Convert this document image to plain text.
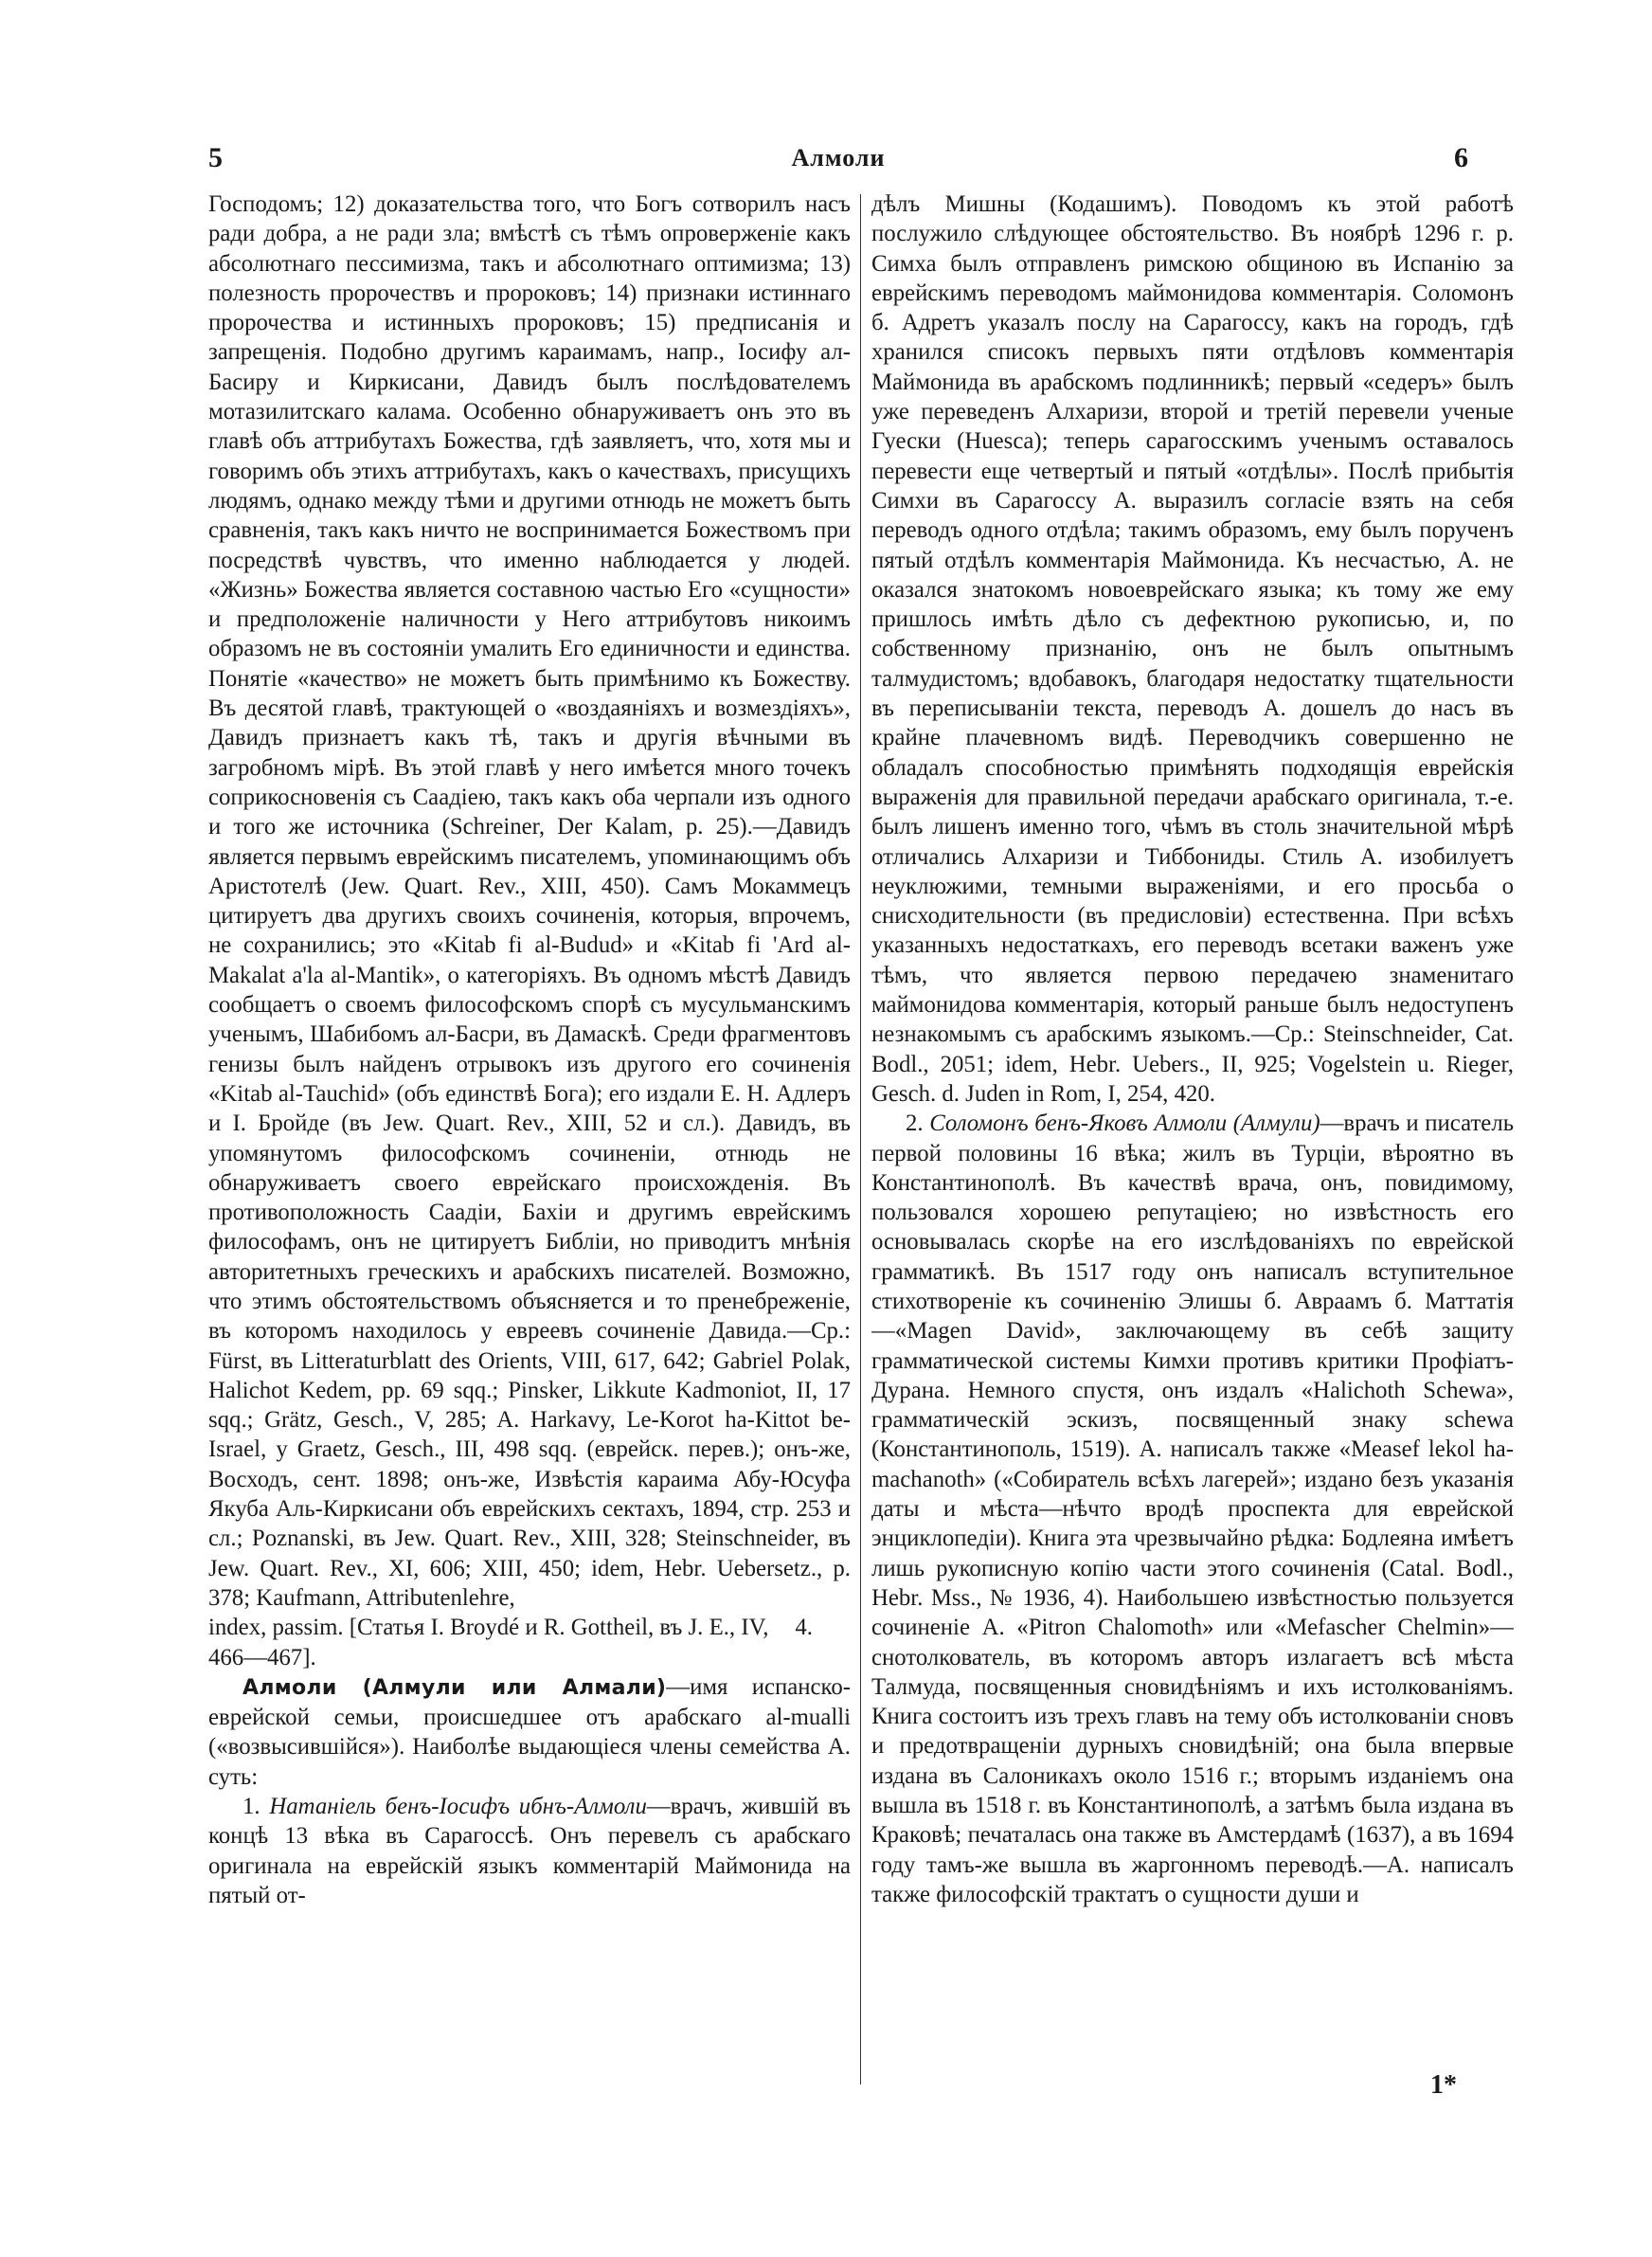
5	Алмоли	6

Господомъ; 12) доказательства того, что Богъ сотворилъ насъ ради добра, а не ради зла; вмѣстѣ съ тѣмъ опроверженіе какъ абсолютнаго пессимизма, такъ и абсолютнаго оптимизма; 13) полезность пророчествъ и пророковъ; 14) признаки истиннаго пророчества и истинныхъ пророковъ; 15) предписанія и запрещенія. Подобно другимъ караимамъ, напр., Іосифу ал-Басиру и Киркисани, Давидъ былъ послѣдователемъ мотазилитскаго калама. Особенно обнаруживаетъ онъ это въ главѣ объ аттрибутахъ Божества, гдѣ заявляетъ, что, хотя мы и говоримъ объ этихъ аттрибутахъ, какъ о качествахъ, присущихъ людямъ, однако между тѣми и другими отнюдь не можетъ быть сравненія, такъ какъ ничто не воспринимается Божествомъ при посредствѣ чувствъ, что именно наблюдается у людей. «Жизнь» Божества является составною частью Его «сущности» и предположеніе наличности у Него аттрибутовъ никоимъ образомъ не въ состояніи умалить Его единичности и единства. Понятіе «качество» не можетъ быть примѣнимо къ Божеству. Въ десятой главѣ, трактующей о «воздаяніяхъ и возмездіяхъ», Давидъ признаетъ какъ тѣ, такъ и другія вѣчными въ загробномъ мірѣ. Въ этой главѣ у него имѣется много точекъ соприкосновенія съ Саадіею, такъ какъ оба черпали изъ одного и того же источника (Schreiner, Der Kalam, p. 25).—Давидъ является первымъ еврейскимъ писателемъ, упоминающимъ объ Аристотелѣ (Jew. Quart. Rev., XIII, 450). Самъ Мокаммецъ цитируетъ два другихъ своихъ сочиненія, которыя, впрочемъ, не сохранились; это «Kitab fi al-Budud» и «Kitab fi 'Ard al-Makalat a'la al-Mantik», о категоріяхъ. Въ одномъ мѣстѣ Давидъ сообщаетъ о своемъ философскомъ спорѣ съ мусульманскимъ ученымъ, Шабибомъ ал-Басри, въ Дамаскѣ. Среди фрагментовъ генизы былъ найденъ отрывокъ изъ другого его сочиненія «Kitab al-Tauchid» (объ единствѣ Бога); его издали Е. Н. Адлеръ и I. Бройде (въ Jew. Quart. Rev., XIII, 52 и сл.). Давидъ, въ упомянутомъ философскомъ сочиненіи, отнюдь не обнаруживаетъ своего еврейскаго происхожденія. Въ противоположность Саадіи, Бахіи и другимъ еврейскимъ философамъ, онъ не цитируетъ Библіи, но приводитъ мнѣнія авторитетныхъ греческихъ и арабскихъ писателей. Возможно, что этимъ обстоятельствомъ объясняется и то пренебреженіе, въ которомъ находилось у евреевъ сочиненіе Давида.—Ср.: Fürst, въ Litteraturblatt des Orients, VIII, 617, 642; Gabriel Polak, Halichot Kedem, pp. 69 sqq.; Pinsker, Likkute Kadmoniot, II, 17 sqq.; Grätz, Gesch., V, 285; A. Harkavy, Le-Korot ha-Kittot be-Israel, у Graetz, Gesch., III, 498 sqq. (еврейск. перев.); онъ-же, Восходъ, сент. 1898; онъ-же, Извѣстія караима Абу-Юсуфа Якуба Аль-Киркисани объ еврейскихъ сектахъ, 1894, стр. 253 и сл.; Poznanski, въ Jew. Quart. Rev., XIII, 328; Steinschneider, въ Jew. Quart. Rev., XI, 606; XIII, 450; idem, Hebr. Uebersetz., p. 378; Kaufmann, Attributenlehre,

index, passim. [Статья I. Broydé и R. Gottheil, въ J. E., IV, 466—467].
4.

Алмоли (Алмули или Алмали)—имя испанско-еврейской семьи, происшедшее отъ арабскаго al-mualli («возвысившійся»). Наиболѣе выдающіеся члены семейства А. суть:

1. Натаніель бенъ-Іосифъ ибнъ-Алмоли—врачъ, жившій въ концѣ 13 вѣка въ Сарагоссѣ. Онъ перевелъ съ арабскаго оригинала на еврейскій языкъ комментарій Маймонида на пятый от-

дѣлъ Мишны (Кодашимъ). Поводомъ къ этой работѣ послужило слѣдующее обстоятельство. Въ ноябрѣ 1296 г. р. Симха былъ отправленъ римскою общиною въ Испанію за еврейскимъ переводомъ маймонидова комментарія. Соломонъ б. Адретъ указалъ послу на Сарагоссу, какъ на городъ, гдѣ хранился списокъ первыхъ пяти отдѣловъ комментарія Маймонида въ арабскомъ подлинникѣ; первый «седеръ» былъ уже переведенъ Алхаризи, второй и третій перевели ученые Гуески (Huesca); теперь сарагосскимъ ученымъ оставалось перевести еще четвертый и пятый «отдѣлы». Послѣ прибытія Симхи въ Сарагоссу А. выразилъ согласіе взять на себя переводъ одного отдѣла; такимъ образомъ, ему былъ порученъ пятый отдѣлъ комментарія Маймонида. Къ несчастью, А. не оказался знатокомъ новоеврейскаго языка; къ тому же ему пришлось имѣть дѣло съ дефектною рукописью, и, по собственному признанію, онъ не былъ опытнымъ талмудистомъ; вдобавокъ, благодаря недостатку тщательности въ переписываніи текста, переводъ А. дошелъ до насъ въ крайне плачевномъ видѣ. Переводчикъ совершенно не обладалъ способностью примѣнять подходящія еврейскія выраженія для правильной передачи арабскаго оригинала, т.-е. былъ лишенъ именно того, чѣмъ въ столь значительной мѣрѣ отличались Алхаризи и Тиббониды. Стиль А. изобилуетъ неуклюжими, темными выраженіями, и его просьба о снисходительности (въ предисловіи) естественна. При всѣхъ указанныхъ недостаткахъ, его переводъ всетаки важенъ уже тѣмъ, что является первою передачею знаменитаго маймонидова комментарія, который раньше былъ недоступенъ незнакомымъ съ арабскимъ языкомъ.—Ср.: Steinschneider, Cat. Bodl., 2051; idem, Hebr. Uebers., II, 925; Vogelstein u. Rieger, Gesch. d. Juden in Rom, I, 254, 420.

2. Соломонъ бенъ-Яковъ Алмоли (Алмули)—врачъ и писатель первой половины 16 вѣка; жилъ въ Турціи, вѣроятно въ Константинополѣ. Въ качествѣ врача, онъ, повидимому, пользовался хорошею репутаціею; но извѣстность его основывалась скорѣе на его изслѣдованіяхъ по еврейской грамматикѣ. Въ 1517 году онъ написалъ вступительное стихотвореніе къ сочиненію Элишы б. Авраамъ б. Маттатія—«Magen David», заключающему въ себѣ защиту грамматической системы Кимхи противъ критики Профіатъ-Дурана. Немного спустя, онъ издалъ «Halichoth Schewa», грамматическій эскизъ, посвященный знаку schewa (Константинополь, 1519). А. написалъ также «Measef lekol ha-machanoth» («Собиратель всѣхъ лагерей»; издано безъ указанія даты и мѣста—нѣчто вродѣ проспекта для еврейской энциклопедіи). Книга эта чрезвычайно рѣдка: Бодлеяна имѣетъ лишь рукописную копію части этого сочиненія (Catal. Bodl., Hebr. Mss., № 1936, 4). Наибольшею извѣстностью пользуется сочиненіе А. «Pitron Chalomoth» или «Mefascher Chelmin»—снотолкователь, въ которомъ авторъ излагаетъ всѣ мѣста Талмуда, посвященныя сновидѣніямъ и ихъ истолкованіямъ. Книга состоитъ изъ трехъ главъ на тему объ истолкованіи сновъ и предотвращеніи дурныхъ сновидѣній; она была впервые издана въ Салоникахъ около 1516 г.; вторымъ изданіемъ она вышла въ 1518 г. въ Константинополѣ, а затѣмъ была издана въ Краковѣ; печаталась она также въ Амстердамѣ (1637), а въ 1694 году тамъ-же вышла въ жаргонномъ переводѣ.—А. написалъ также философскій трактатъ о сущности души и

1*
